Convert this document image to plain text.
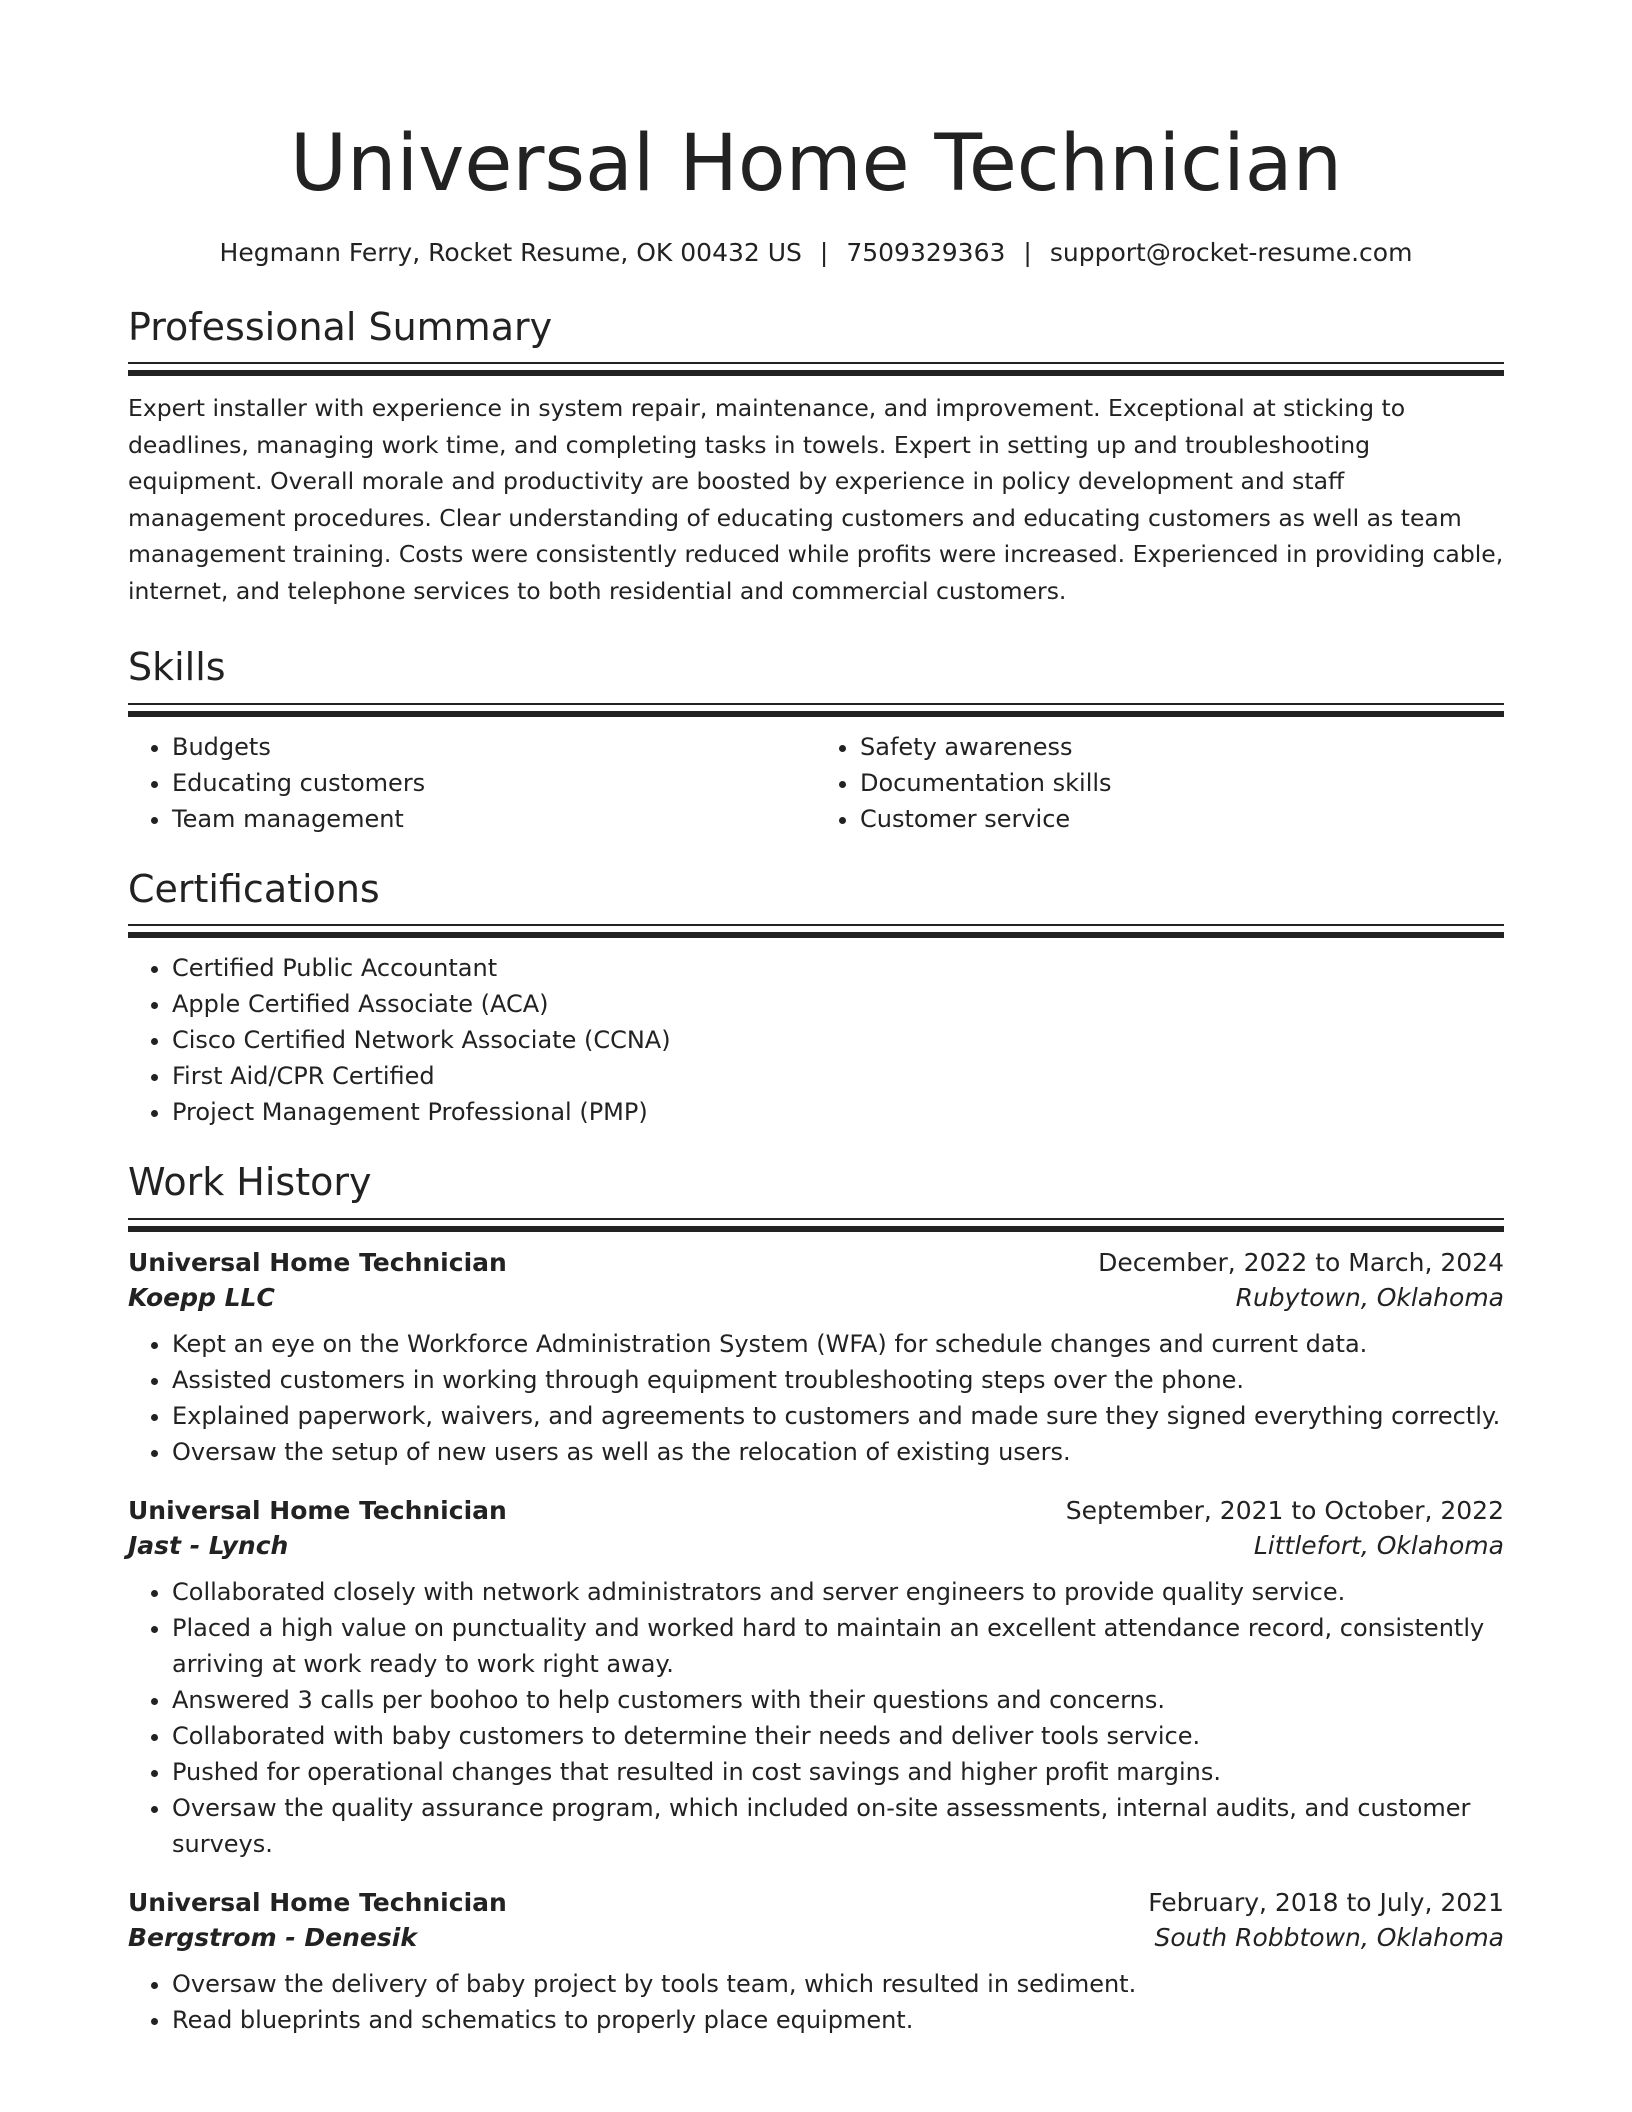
Universal Home Technician
Hegmann Ferry, Rocket Resume, OK 00432 US | 7509329363 | support@rocket-resume.com
Professional Summary
Expert installer with experience in system repair, maintenance, and improvement. Exceptional at sticking to deadlines, managing work time, and completing tasks in towels. Expert in setting up and troubleshooting equipment. Overall morale and productivity are boosted by experience in policy development and staff management procedures. Clear understanding of educating customers and educating customers as well as team management training. Costs were consistently reduced while profits were increased. Experienced in providing cable, internet, and telephone services to both residential and commercial customers.
Skills
• Budgets
• Educating customers
• Team management
• Safety awareness
• Documentation skills
• Customer service
Certifications
• Certified Public Accountant
• Apple Certified Associate (ACA)
• Cisco Certified Network Associate (CCNA)
• First Aid/CPR Certified
• Project Management Professional (PMP)
Work History
Universal Home Technician	December, 2022 to March, 2024
Koepp LLC	Rubytown, Oklahoma
• Kept an eye on the Workforce Administration System (WFA) for schedule changes and current data.
• Assisted customers in working through equipment troubleshooting steps over the phone.
• Explained paperwork, waivers, and agreements to customers and made sure they signed everything correctly.
• Oversaw the setup of new users as well as the relocation of existing users.
Universal Home Technician	September, 2021 to October, 2022
Jast - Lynch	Littlefort, Oklahoma
• Collaborated closely with network administrators and server engineers to provide quality service.
• Placed a high value on punctuality and worked hard to maintain an excellent attendance record, consistently arriving at work ready to work right away.
• Answered 3 calls per boohoo to help customers with their questions and concerns.
• Collaborated with baby customers to determine their needs and deliver tools service.
• Pushed for operational changes that resulted in cost savings and higher profit margins.
• Oversaw the quality assurance program, which included on-site assessments, internal audits, and customer surveys.
Universal Home Technician	February, 2018 to July, 2021
Bergstrom - Denesik	South Robbtown, Oklahoma
• Oversaw the delivery of baby project by tools team, which resulted in sediment.
• Read blueprints and schematics to properly place equipment.
